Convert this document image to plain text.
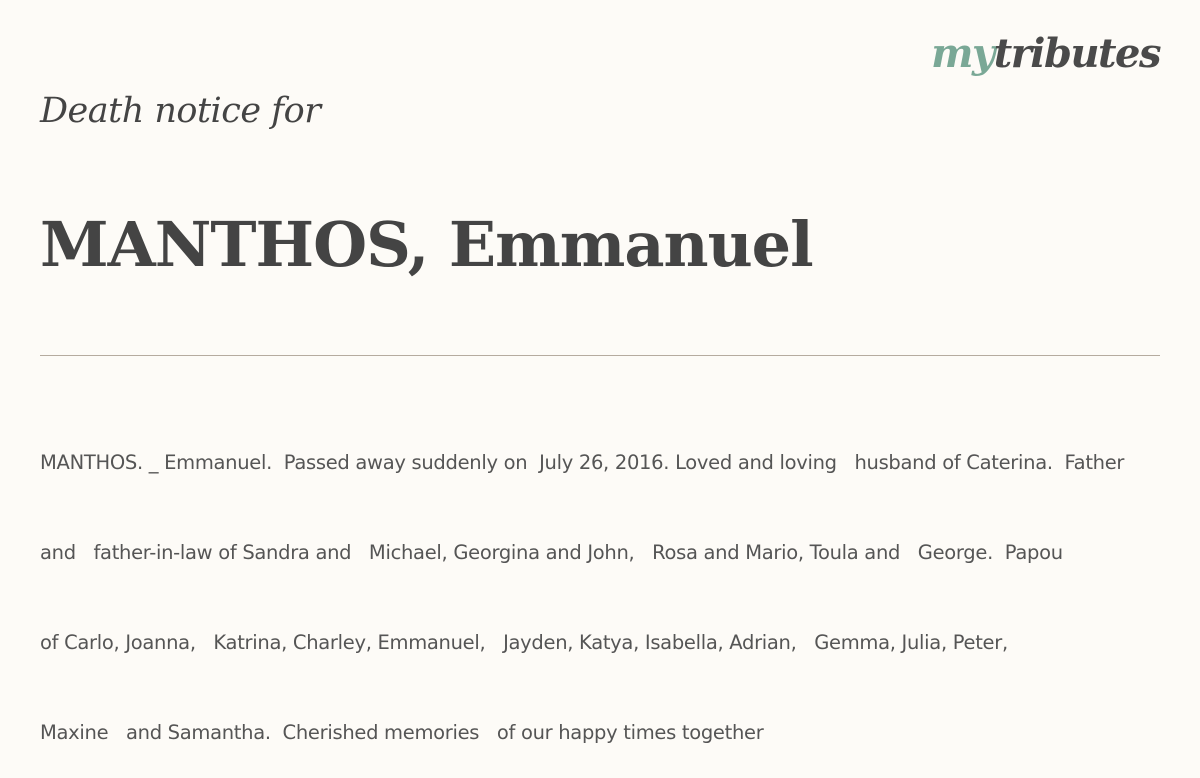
mytributes
Death notice for
MANTHOS, Emmanuel

MANTHOS. _ Emmanuel.  Passed away suddenly on  July 26, 2016. Loved and loving   husband of Caterina.  Father

and   father-in-law of Sandra and   Michael, Georgina and John,   Rosa and Mario, Toula and   George.  Papou

of Carlo, Joanna,   Katrina, Charley, Emmanuel,   Jayden, Katya, Isabella, Adrian,   Gemma, Julia, Peter,

Maxine   and Samantha.  Cherished memories   of our happy times together
